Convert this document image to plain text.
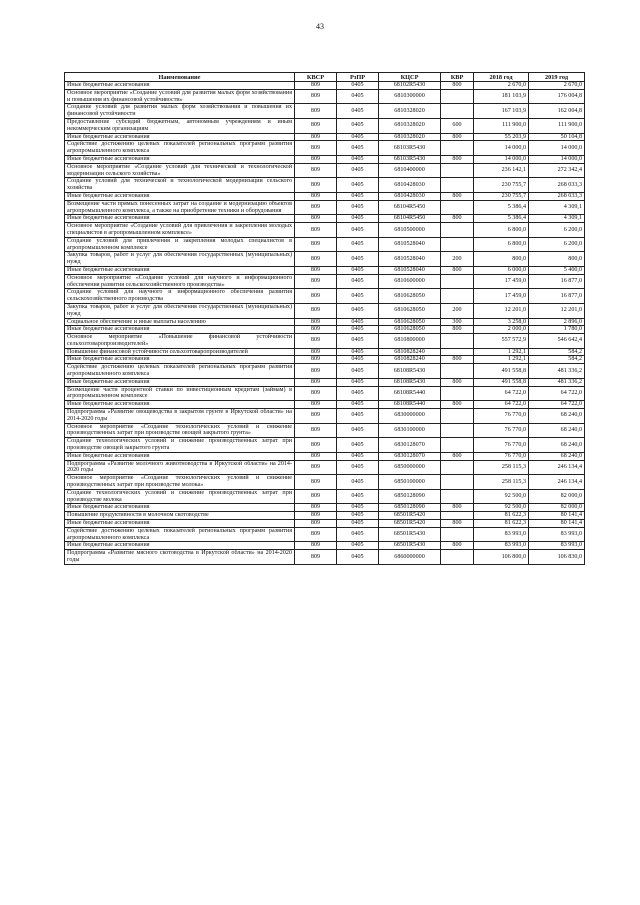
43
Наименование	КВСР	РзПР	КЦСР	КВР	2018 год	2019 год
Иные бюджетные ассигнования	809	0405	68102R5430	800	2 670,0	2 670,0
Основное мероприятие «Создание условий для развития малых форм хозяйствования и повышения их финансовой устойчивости»	809	0405	6810300000		181 103,9	176 004,8
Создание условий для развития малых форм хозяйствования и повышения их финансовой устойчивости	809	0405	6810328020		167 103,9	162 004,8
Предоставление субсидий бюджетным, автономным учреждениям и иным некоммерческим организациям	809	0405	6810328020	600	111 900,0	111 900,0
Иные бюджетные ассигнования	809	0405	6810328020	800	55 203,9	50 104,8
Содействие достижению целевых показателей региональных программ развития агропромышленного комплекса	809	0405	68103R5430		14 000,0	14 000,0
Иные бюджетные ассигнования	809	0405	68103R5430	800	14 000,0	14 000,0
Основное мероприятие «Создание условий для технической и технологической модернизации сельского хозяйства»	809	0405	6810400000		236 142,1	272 342,4
Создание условий для технической и технологической модернизации сельского хозяйства	809	0405	6810428030		230 755,7	268 033,3
Иные бюджетные ассигнования	809	0405	6810428030	800	230 755,7	268 033,3
Возмещение части прямых понесенных затрат на создание и модернизацию объектов агропромышленного комплекса, а также на приобретение техники и оборудования	809	0405	68104R5450		5 386,4	4 309,1
Иные бюджетные ассигнования	809	0405	68104R5450	800	5 386,4	4 309,1
Основное мероприятие «Создание условий для привлечения и закрепления молодых специалистов в агропромышленном комплексе»	809	0405	6810500000		6 800,0	6 200,0
Создание условий для привлечения и закрепления молодых специалистов в агропромышленном комплексе	809	0405	6810528040		6 800,0	6 200,0
Закупка товаров, работ и услуг для обеспечения государственных (муниципальных) нужд	809	0405	6810528040	200	800,0	800,0
Иные бюджетные ассигнования	809	0405	6810528040	800	6 000,0	5 400,0
Основное мероприятие «Создание условий для научного и информационного обеспечения развития сельскохозяйственного производства»	809	0405	6810600000		17 459,0	16 877,0
Создание условий для научного и информационного обеспечения развития сельскохозяйственного производства	809	0405	6810628050		17 459,0	16 877,0
Закупка товаров, работ и услуг для обеспечения государственных (муниципальных) нужд	809	0405	6810628050	200	12 201,0	12 201,0
Социальное обеспечение и иные выплаты населению	809	0405	6810628050	300	3 258,0	2 896,0
Иные бюджетные ассигнования	809	0405	6810628050	800	2 000,0	1 780,0
Основное мероприятие «Повышение финансовой устойчивости сельхозтоваропроизводителей»	809	0405	6810800000		557 572,9	546 642,4
Повышение финансовой устойчивости сельхозтоваропроизводителей	809	0405	6810828240		1 292,1	584,2
Иные бюджетные ассигнования	809	0405	6810828240	800	1 292,1	584,2
Содействие достижению целевых показателей региональных программ развития агропромышленного комплекса	809	0405	68108R5430		491 558,8	481 336,2
Иные бюджетные ассигнования	809	0405	68108R5430	800	491 558,8	481 336,2
Возмещение части процентной ставки по инвестиционным кредитам (займам) в агропромышленном комплексе	809	0405	68108R5440		64 722,0	64 722,0
Иные бюджетные ассигнования	809	0405	68108R5440	800	64 722,0	64 722,0
Подпрограмма «Развитие овощеводства в закрытом грунте в Иркутской области» на 2014-2020 годы	809	0405	6830000000		76 770,0	68 240,0
Основное мероприятие «Создание технологических условий и снижение производственных затрат при производстве овощей закрытого грунта»	809	0405	6830100000		76 770,0	68 240,0
Создание технологических условий и снижение производственных затрат при производстве овощей закрытого грунта	809	0405	6830128070		76 770,0	68 240,0
Иные бюджетные ассигнования	809	0405	6830128070	800	76 770,0	68 240,0
Подпрограмма «Развитие молочного животноводства в Иркутской области» на 2014-2020 годы	809	0405	6850000000		258 115,3	246 134,4
Основное мероприятие «Создание технологических условий и снижение производственных затрат при производстве молока»	809	0405	6850100000		258 115,3	246 134,4
Создание технологических условий и снижение производственных затрат при производстве молока	809	0405	6850128090		92 500,0	82 000,0
Иные бюджетные ассигнования	809	0405	6850128090	800	92 500,0	82 000,0
Повышение продуктивности в молочном скотоводстве	809	0405	68501R5420		81 622,3	80 141,4
Иные бюджетные ассигнования	809	0405	68501R5420	800	81 622,3	80 141,4
Содействие достижению целевых показателей региональных программ развития агропромышленного комплекса	809	0405	68501R5430		83 993,0	83 993,0
Иные бюджетные ассигнования	809	0405	68501R5430	800	83 993,0	83 993,0
Подпрограмма «Развитие мясного скотоводства в Иркутской области» на 2014-2020 годы	809	0405	6860000000		106 800,0	106 830,0
